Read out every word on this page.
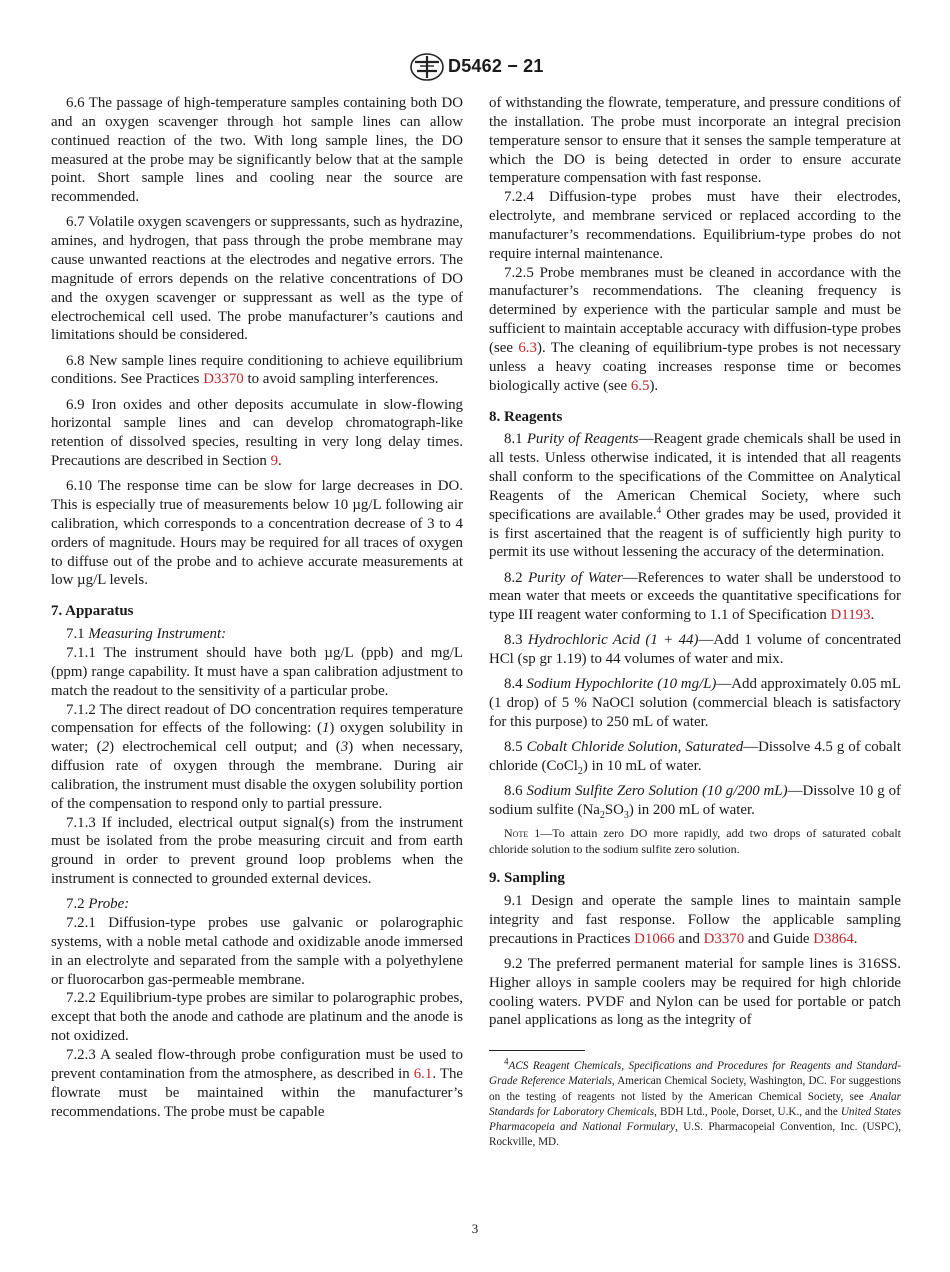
D5462 − 21

6.6 The passage of high-temperature samples containing both DO and an oxygen scavenger through hot sample lines can allow continued reaction of the two. With long sample lines, the DO measured at the probe may be significantly below that at the sample point. Short sample lines and cooling near the source are recommended.

6.7 Volatile oxygen scavengers or suppressants, such as hydrazine, amines, and hydrogen, that pass through the probe membrane may cause unwanted reactions at the electrodes and negative errors. The magnitude of errors depends on the relative concentrations of DO and the oxygen scavenger or suppressant as well as the type of electrochemical cell used. The probe manufacturer’s cautions and limitations should be considered.

6.8 New sample lines require conditioning to achieve equilibrium conditions. See Practices D3370 to avoid sampling interferences.

6.9 Iron oxides and other deposits accumulate in slow-flowing horizontal sample lines and can develop chromatograph-like retention of dissolved species, resulting in very long delay times. Precautions are described in Section 9.

6.10 The response time can be slow for large decreases in DO. This is especially true of measurements below 10 µg/L following air calibration, which corresponds to a concentration decrease of 3 to 4 orders of magnitude. Hours may be required for all traces of oxygen to diffuse out of the probe and to achieve accurate measurements at low µg/L levels.

7. Apparatus

7.1 Measuring Instrument:

7.1.1 The instrument should have both µg/L (ppb) and mg/L (ppm) range capability. It must have a span calibration adjustment to match the readout to the sensitivity of a particular probe.

7.1.2 The direct readout of DO concentration requires temperature compensation for effects of the following: (1) oxygen solubility in water; (2) electrochemical cell output; and (3) when necessary, diffusion rate of oxygen through the membrane. During air calibration, the instrument must disable the oxygen solubility portion of the compensation to respond only to partial pressure.

7.1.3 If included, electrical output signal(s) from the instrument must be isolated from the probe measuring circuit and from earth ground in order to prevent ground loop problems when the instrument is connected to grounded external devices.

7.2 Probe:

7.2.1 Diffusion-type probes use galvanic or polarographic systems, with a noble metal cathode and oxidizable anode immersed in an electrolyte and separated from the sample with a polyethylene or fluorocarbon gas-permeable membrane.

7.2.2 Equilibrium-type probes are similar to polarographic probes, except that both the anode and cathode are platinum and the anode is not oxidized.

7.2.3 A sealed flow-through probe configuration must be used to prevent contamination from the atmosphere, as described in 6.1. The flowrate must be maintained within the manufacturer’s recommendations. The probe must be capable

of withstanding the flowrate, temperature, and pressure conditions of the installation. The probe must incorporate an integral precision temperature sensor to ensure that it senses the sample temperature at which the DO is being detected in order to ensure accurate temperature compensation with fast response.

7.2.4 Diffusion-type probes must have their electrodes, electrolyte, and membrane serviced or replaced according to the manufacturer’s recommendations. Equilibrium-type probes do not require internal maintenance.

7.2.5 Probe membranes must be cleaned in accordance with the manufacturer’s recommendations. The cleaning frequency is determined by experience with the particular sample and must be sufficient to maintain acceptable accuracy with diffusion-type probes (see 6.3). The cleaning of equilibrium-type probes is not necessary unless a heavy coating increases response time or becomes biologically active (see 6.5).

8. Reagents

8.1 Purity of Reagents—Reagent grade chemicals shall be used in all tests. Unless otherwise indicated, it is intended that all reagents shall conform to the specifications of the Committee on Analytical Reagents of the American Chemical Society, where such specifications are available.$^4$ Other grades may be used, provided it is first ascertained that the reagent is of sufficiently high purity to permit its use without lessening the accuracy of the determination.

8.2 Purity of Water—References to water shall be understood to mean water that meets or exceeds the quantitative specifications for type III reagent water conforming to 1.1 of Specification D1193.

8.3 Hydrochloric Acid (1 + 44)—Add 1 volume of concentrated HCl (sp gr 1.19) to 44 volumes of water and mix.

8.4 Sodium Hypochlorite (10 mg/L)—Add approximately 0.05 mL (1 drop) of 5 % NaOCl solution (commercial bleach is satisfactory for this purpose) to 250 mL of water.

8.5 Cobalt Chloride Solution, Saturated—Dissolve 4.5 g of cobalt chloride (CoCl$_2$) in 10 mL of water.

8.6 Sodium Sulfite Zero Solution (10 g/200 mL)—Dissolve 10 g of sodium sulfite $(Na_2SO_3)$ in 200 mL of water.

Note 1—To attain zero DO more rapidly, add two drops of saturated cobalt chloride solution to the sodium sulfite zero solution.
9. Sampling

9.1 Design and operate the sample lines to maintain sample integrity and fast response. Follow the applicable sampling precautions in Practices D1066 and D3370 and Guide D3864.

9.2 The preferred permanent material for sample lines is 316SS. Higher alloys in sample coolers may be required for high chloride cooling waters. PVDF and Nylon can be used for portable or patch panel applications as long as the integrity of

$^4$ACS Reagent Chemicals, Specifications and Procedures for Reagents and Standard-Grade Reference Materials, American Chemical Society, Washington, DC. For suggestions on the testing of reagents not listed by the American Chemical Society, see Analar Standards for Laboratory Chemicals, BDH Ltd., Poole, Dorset, U.K., and the United States Pharmacopeia and National Formulary, U.S. Pharmacopeial Convention, Inc. (USPC), Rockville, MD.

3
